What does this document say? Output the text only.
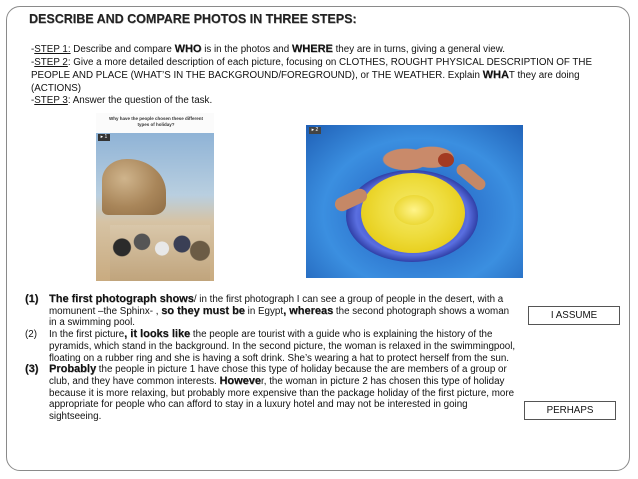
DESCRIBE AND COMPARE PHOTOS IN THREE STEPS:

-STEP 1: Describe and compare WHO is in the photos and WHERE they are in turns, giving a general view.

-STEP 2: Give a more detailed description of each picture, focusing on CLOTHES, ROUGHT PHYSICAL DESCRIPTION OF THE PEOPLE AND PLACE (WHAT’S IN THE BACKGROUND/FOREGROUND), or THE WEATHER. Explain WHAT they are doing (ACTIONS)

-STEP 3: Answer the question of the task.

Why have the people chosen these different types of holiday?
▸ 1
▸ 2

(1) The first photograph shows/ in the first photograph I can see a group of people in the desert, with a momunent –the Sphinx- , so they must be in Egypt, whereas the second photograph shows a woman in a swimming pool.

(2) In the first picture, it looks like the people are tourist with a guide who is explaining the history of the pyramids, which stand in the background. In the second picture, the woman is relaxed in the swimmingpool, floating on a rubber ring and she is having a soft drink. She’s wearing a hat to protect herself from the sun.

(3) Probably the people in picture 1 have chose this type of holiday because the are members of a group or club, and they have common interests. However, the woman in picture 2 has chosen this type of holiday because it is more relaxing, but probably more expensive than the package holiday of the first picture, more appropriate for people who can afford to stay in a luxury hotel and may not be interested in going sightseeing.

I ASSUME
PERHAPS
